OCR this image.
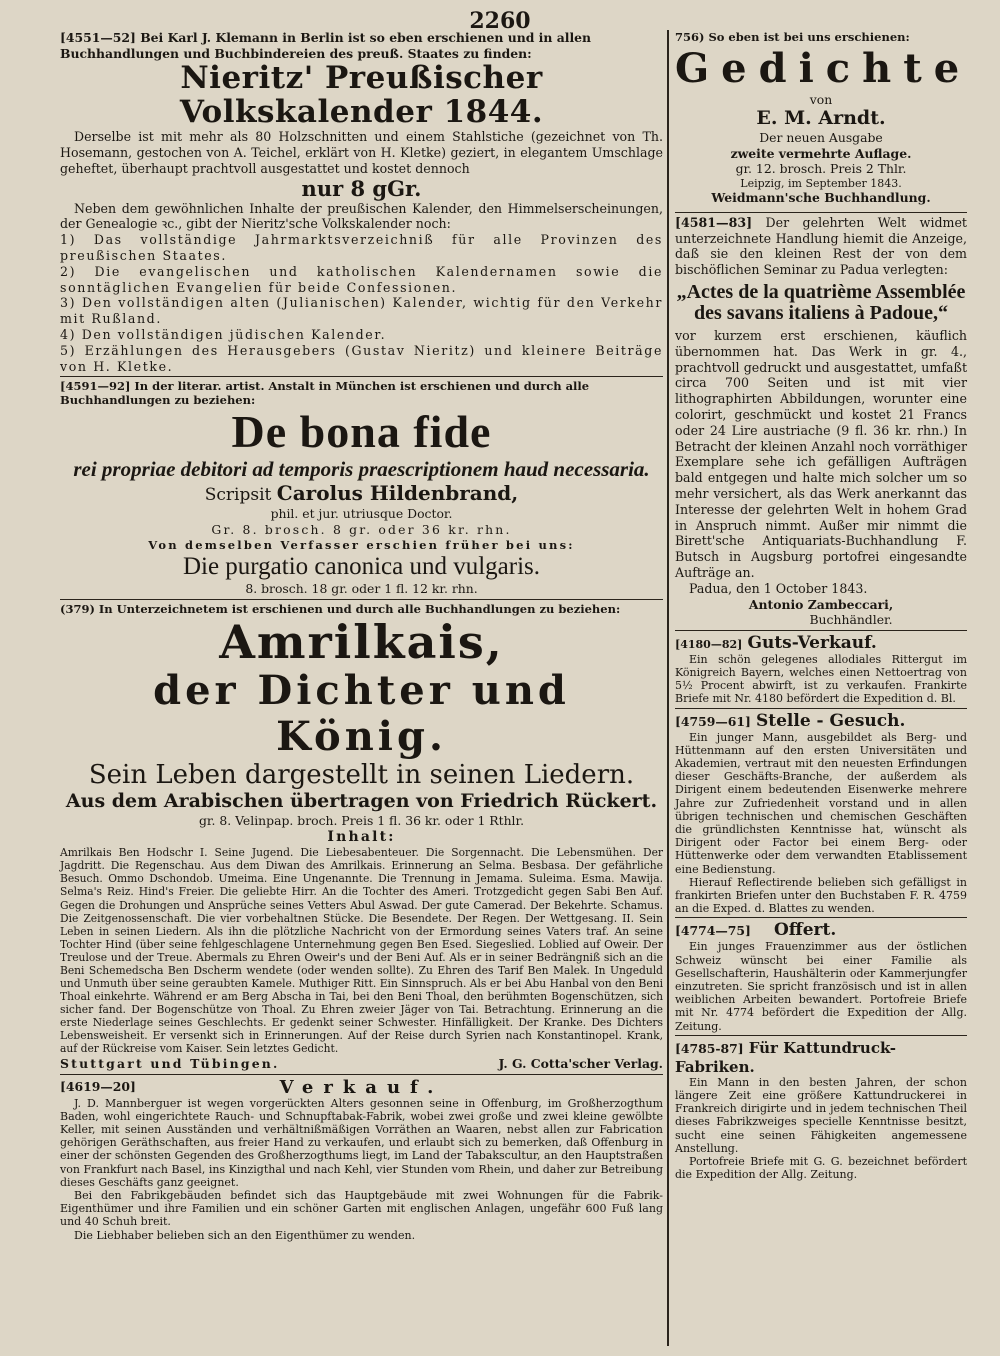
2260
[4551—52] Bei Karl J. Klemann in Berlin ist so eben erschienen und in allen Buchhandlungen und Buchbindereien des preuß. Staates zu finden:
Nieritz' Preußischer Volkskalender 1844.
Derselbe ist mit mehr als 80 Holzschnitten und einem Stahlstiche (gezeichnet von Th. Hosemann, gestochen von A. Teichel, erklärt von H. Kletke) geziert, in elegantem Umschlage geheftet, überhaupt prachtvoll ausgestattet und kostet dennoch
nur 8 gGr.
Neben dem gewöhnlichen Inhalte der preußischen Kalender, den Himmelserscheinungen, der Genealogie ꝛc., gibt der Nieritz'sche Volkskalender noch:
1) Das vollständige Jahrmarktsverzeichniß für alle Provinzen des preußischen Staates.
2) Die evangelischen und katholischen Kalendernamen sowie die sonntäglichen Evangelien für beide Confessionen.
3) Den vollständigen alten (Julianischen) Kalender, wichtig für den Verkehr mit Rußland.
4) Den vollständigen jüdischen Kalender.
5) Erzählungen des Herausgebers (Gustav Nieritz) und kleinere Beiträge von H. Kletke.
[4591—92] In der literar. artist. Anstalt in München ist erschienen und durch alle Buchhandlungen zu beziehen:
De bona fide
rei propriae debitori ad temporis praescriptionem haud necessaria.
Scripsit Carolus Hildenbrand,
phil. et jur. utriusque Doctor.
Gr. 8. brosch. 8 gr. oder 36 kr. rhn.
Von demselben Verfasser erschien früher bei uns:
Die purgatio canonica und vulgaris.
8. brosch. 18 gr. oder 1 fl. 12 kr. rhn.
(379) In Unterzeichnetem ist erschienen und durch alle Buchhandlungen zu beziehen:
Amrilkais,
der Dichter und König.
Sein Leben dargestellt in seinen Liedern.
Aus dem Arabischen übertragen von Friedrich Rückert.
gr. 8. Velinpap. broch. Preis 1 fl. 36 kr. oder 1 Rthlr.
Inhalt:
Amrilkais Ben Hodschr I. Seine Jugend. Die Liebesabenteuer. Die Sorgennacht. Die Lebensmühen. Der Jagdritt. Die Regenschau. Aus dem Diwan des Amrilkais. Erinnerung an Selma. Besbasa. Der gefährliche Besuch. Ommo Dschondob. Umeima. Eine Ungenannte. Die Trennung in Jemama. Suleima. Esma. Mawija. Selma's Reiz. Hind's Freier. Die geliebte Hirr. An die Tochter des Ameri. Trotzgedicht gegen Sabi Ben Auf. Gegen die Drohungen und Ansprüche seines Vetters Abul Aswad. Der gute Camerad. Der Bekehrte. Schamus. Die Zeitgenossenschaft. Die vier vorbehaltnen Stücke. Die Besendete. Der Regen. Der Wettgesang. II. Sein Leben in seinen Liedern. Als ihn die plötzliche Nachricht von der Ermordung seines Vaters traf. An seine Tochter Hind (über seine fehlgeschlagene Unternehmung gegen Ben Esed. Siegeslied. Loblied auf Oweir. Der Treulose und der Treue. Abermals zu Ehren Oweir's und der Beni Auf. Als er in seiner Bedrängniß sich an die Beni Schemedscha Ben Dscherm wendete (oder wenden sollte). Zu Ehren des Tarif Ben Malek. In Ungeduld und Unmuth über seine geraubten Kamele. Muthiger Ritt. Ein Sinnspruch. Als er bei Abu Hanbal von den Beni Thoal einkehrte. Während er am Berg Abscha in Tai, bei den Beni Thoal, den berühmten Bogenschützen, sich sicher fand. Der Bogenschütze von Thoal. Zu Ehren zweier Jäger von Tai. Betrachtung. Erinnerung an die erste Niederlage seines Geschlechts. Er gedenkt seiner Schwester. Hinfälligkeit. Der Kranke. Des Dichters Lebensweisheit. Er versenkt sich in Erinnerungen. Auf der Reise durch Syrien nach Konstantinopel. Krank, auf der Rückreise vom Kaiser. Sein letztes Gedicht.
Stuttgart und Tübingen.	J. G. Cotta'scher Verlag.
[4619—20]	Verkauf.
J. D. Mannberguer ist wegen vorgerückten Alters gesonnen seine in Offenburg, im Großherzogthum Baden, wohl eingerichtete Rauch- und Schnupftabak-Fabrik, wobei zwei große und zwei kleine gewölbte Keller, mit seinen Ausständen und verhältnißmäßigen Vorräthen an Waaren, nebst allen zur Fabrication gehörigen Geräthschaften, aus freier Hand zu verkaufen, und erlaubt sich zu bemerken, daß Offenburg in einer der schönsten Gegenden des Großherzogthums liegt, im Land der Tabakscultur, an den Hauptstraßen von Frankfurt nach Basel, ins Kinzigthal und nach Kehl, vier Stunden vom Rhein, und daher zur Betreibung dieses Geschäfts ganz geeignet.
Bei den Fabrikgebäuden befindet sich das Hauptgebäude mit zwei Wohnungen für die Fabrik-Eigenthümer und ihre Familien und ein schöner Garten mit englischen Anlagen, ungefähr 600 Fuß lang und 40 Schuh breit.
Die Liebhaber belieben sich an den Eigenthümer zu wenden.
756) So eben ist bei uns erschienen:
Gedichte
von
E. M. Arndt.
Der neuen Ausgabe
zweite vermehrte Auflage.
gr. 12. brosch. Preis 2 Thlr.
Leipzig, im September 1843.
Weidmann'sche Buchhandlung.
[4581—83] Der gelehrten Welt widmet unterzeichnete Handlung hiemit die Anzeige, daß sie den kleinen Rest der von dem bischöflichen Seminar zu Padua verlegten:
„Actes de la quatrième Assemblée des savans italiens à Padoue,“
vor kurzem erst erschienen, käuflich übernommen hat. Das Werk in gr. 4., prachtvoll gedruckt und ausgestattet, umfaßt circa 700 Seiten und ist mit vier lithographirten Abbildungen, worunter eine colorirt, geschmückt und kostet 21 Francs oder 24 Lire austriache (9 fl. 36 kr. rhn.) In Betracht der kleinen Anzahl noch vorräthiger Exemplare sehe ich gefälligen Aufträgen bald entgegen und halte mich solcher um so mehr versichert, als das Werk anerkannt das Interesse der gelehrten Welt in hohem Grad in Anspruch nimmt. Außer mir nimmt die Birett'sche Antiquariats-Buchhandlung F. Butsch in Augsburg portofrei eingesandte Aufträge an.
Padua, den 1 October 1843.
Antonio Zambeccari,
Buchhändler.
[4180—82] Guts-Verkauf.
Ein schön gelegenes allodiales Rittergut im Königreich Bayern, welches einen Nettoertrag von 5½ Procent abwirft, ist zu verkaufen. Frankirte Briefe mit Nr. 4180 befördert die Expedition d. Bl.
[4759—61] Stelle - Gesuch.
Ein junger Mann, ausgebildet als Berg- und Hüttenmann auf den ersten Universitäten und Akademien, vertraut mit den neuesten Erfindungen dieser Geschäfts-Branche, der außerdem als Dirigent einem bedeutenden Eisenwerke mehrere Jahre zur Zufriedenheit vorstand und in allen übrigen technischen und chemischen Geschäften die gründlichsten Kenntnisse hat, wünscht als Dirigent oder Factor bei einem Berg- oder Hüttenwerke oder dem verwandten Etablissement eine Bedienstung.
Hierauf Reflectirende belieben sich gefälligst in frankirten Briefen unter den Buchstaben F. R. 4759 an die Exped. d. Blattes zu wenden.
[4774—75] Offert.
Ein junges Frauenzimmer aus der östlichen Schweiz wünscht bei einer Familie als Gesellschafterin, Haushälterin oder Kammerjungfer einzutreten. Sie spricht französisch und ist in allen weiblichen Arbeiten bewandert. Portofreie Briefe mit Nr. 4774 befördert die Expedition der Allg. Zeitung.
[4785-87] Für Kattundruck-Fabriken.
Ein Mann in den besten Jahren, der schon längere Zeit eine größere Kattundruckerei in Frankreich dirigirte und in jedem technischen Theil dieses Fabrikzweiges specielle Kenntnisse besitzt, sucht eine seinen Fähigkeiten angemessene Anstellung.
Portofreie Briefe mit G. G. bezeichnet befördert die Expedition der Allg. Zeitung.
